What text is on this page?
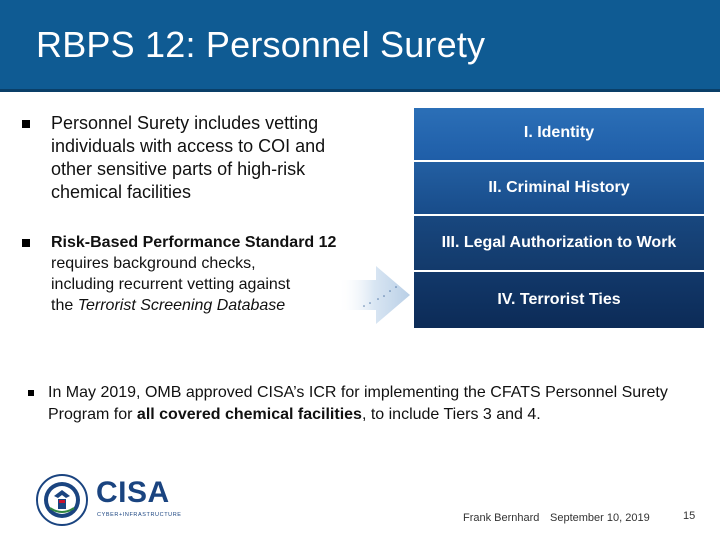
RBPS 12: Personnel Surety
Personnel Surety includes vetting
individuals with access to COI and
other sensitive parts of high-risk
chemical facilities
Risk-Based Performance Standard 12
requires background checks,
including recurrent vetting against
the Terrorist Screening Database
I. Identity
II. Criminal History
III. Legal Authorization to Work
IV. Terrorist Ties
In May 2019, OMB approved CISA’s ICR for implementing the CFATS Personnel Surety Program for all covered chemical facilities, to include Tiers 3 and 4.
CISA
CYBER+INFRASTRUCTURE	Frank Bernhard September 10, 2019	15
